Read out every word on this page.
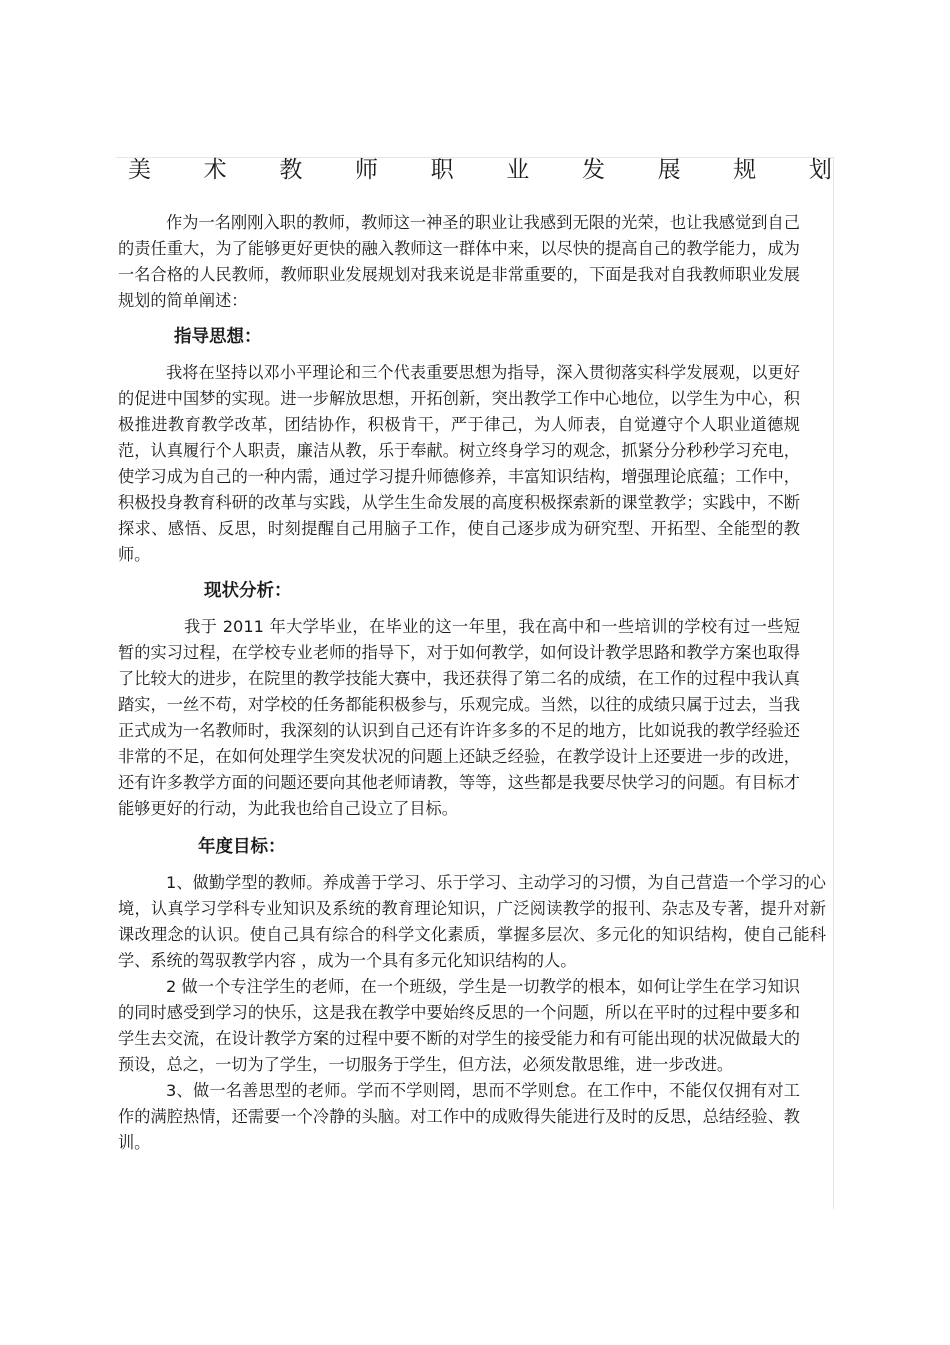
美 术 教 师 职 业 发 展 规 划

作为一名刚刚入职的教师，教师这一神圣的职业让我感到无限的光荣，也让我感觉到自己的责任重大，为了能够更好更快的融入教师这一群体中来，以尽快的提高自己的教学能力，成为一名合格的人民教师，教师职业发展规划对我来说是非常重要的，下面是我对自我教师职业发展规划的简单阐述：

指导思想：

我将在坚持以邓小平理论和三个代表重要思想为指导，深入贯彻落实科学发展观，以更好的促进中国梦的实现。进一步解放思想，开拓创新，突出教学工作中心地位，以学生为中心，积极推进教育教学改革，团结协作，积极肯干，严于律己，为人师表，自觉遵守个人职业道德规范，认真履行个人职责，廉洁从教，乐于奉献。树立终身学习的观念，抓紧分分秒秒学习充电，使学习成为自己的一种内需，通过学习提升师德修养，丰富知识结构，增强理论底蕴；工作中，积极投身教育科研的改革与实践，从学生生命发展的高度积极探索新的课堂教学；实践中，不断探求、感悟、反思，时刻提醒自己用脑子工作，使自己逐步成为研究型、开拓型、全能型的教师。

现状分析：

我于 2011 年大学毕业，在毕业的这一年里，我在高中和一些培训的学校有过一些短暂的实习过程，在学校专业老师的指导下，对于如何教学，如何设计教学思路和教学方案也取得了比较大的进步，在院里的教学技能大赛中，我还获得了第二名的成绩，在工作的过程中我认真踏实，一丝不苟，对学校的任务都能积极参与，乐观完成。当然，以往的成绩只属于过去，当我正式成为一名教师时，我深刻的认识到自己还有许许多多的不足的地方，比如说我的教学经验还非常的不足，在如何处理学生突发状况的问题上还缺乏经验，在教学设计上还要进一步的改进，还有许多教学方面的问题还要向其他老师请教，等等，这些都是我要尽快学习的问题。有目标才能够更好的行动，为此我也给自己设立了目标。

年度目标：

1、做勤学型的教师。养成善于学习、乐于学习、主动学习的习惯，为自己营造一个学习的心境，认真学习学科专业知识及系统的教育理论知识，广泛阅读教学的报刊、杂志及专著，提升对新课改理念的认识。使自己具有综合的科学文化素质，掌握多层次、多元化的知识结构，使自己能科学、系统的驾驭教学内容 ，成为一个具有多元化知识结构的人。

2 做一个专注学生的老师，在一个班级，学生是一切教学的根本，如何让学生在学习知识的同时感受到学习的快乐，这是我在教学中要始终反思的一个问题，所以在平时的过程中要多和学生去交流，在设计教学方案的过程中要不断的对学生的接受能力和有可能出现的状况做最大的预设，总之，一切为了学生，一切服务于学生，但方法，必须发散思维，进一步改进。

3、做一名善思型的老师。学而不学则罔，思而不学则怠。在工作中，不能仅仅拥有对工作的满腔热情，还需要一个冷静的头脑。对工作中的成败得失能进行及时的反思，总结经验、教训。
